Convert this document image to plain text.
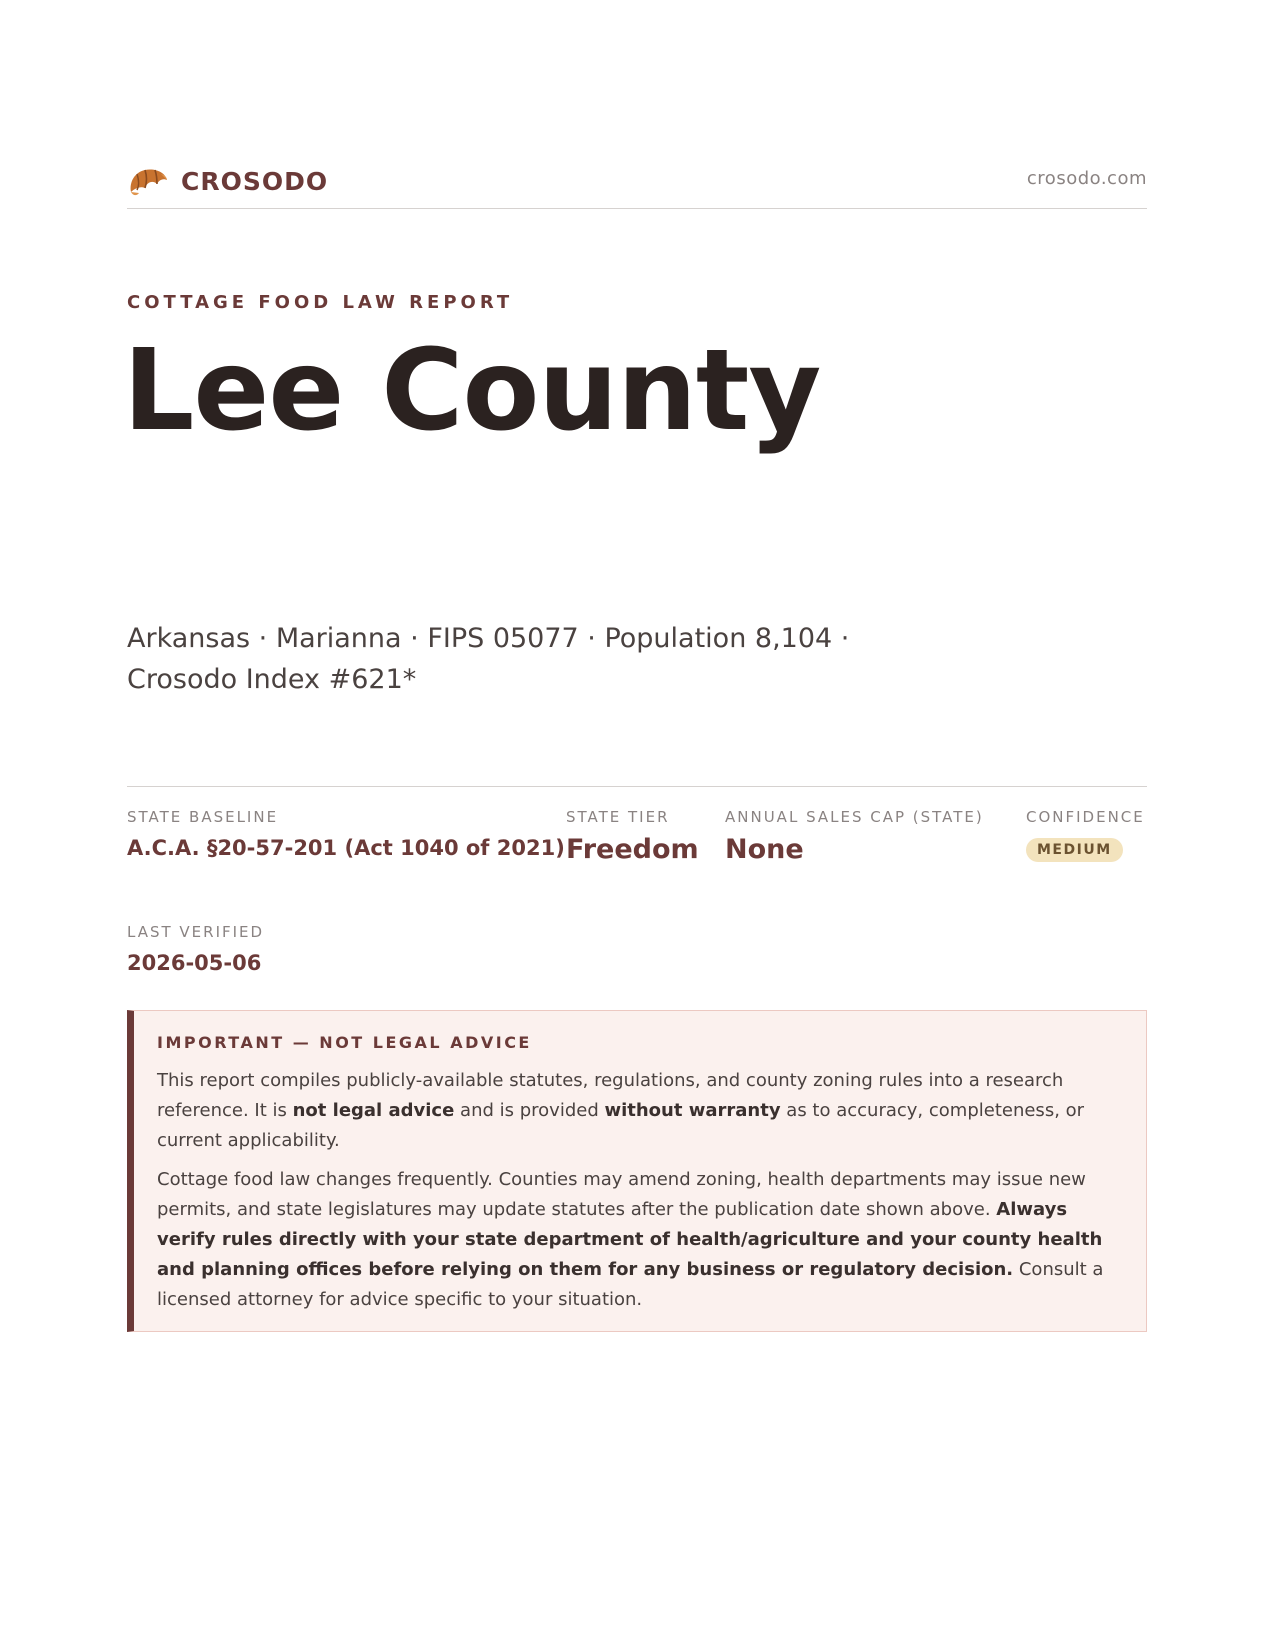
CROSODO	crosodo.com
COTTAGE FOOD LAW REPORT
Lee County
Arkansas · Marianna · FIPS 05077 · Population 8,104 ·
Crosodo Index #621*
STATE BASELINE
A.C.A. §20-57-201 (Act 1040 of 2021)
STATE TIER
Freedom
ANNUAL SALES CAP (STATE)
None
CONFIDENCE
MEDIUM
LAST VERIFIED
2026-05-06
IMPORTANT — NOT LEGAL ADVICE

This report compiles publicly-available statutes, regulations, and county zoning rules into a research reference. It is not legal advice and is provided without warranty as to accuracy, completeness, or current applicability.

Cottage food law changes frequently. Counties may amend zoning, health departments may issue new permits, and state legislatures may update statutes after the publication date shown above. Always verify rules directly with your state department of health/agriculture and your county health and planning offices before relying on them for any business or regulatory decision. Consult a licensed attorney for advice specific to your situation.
